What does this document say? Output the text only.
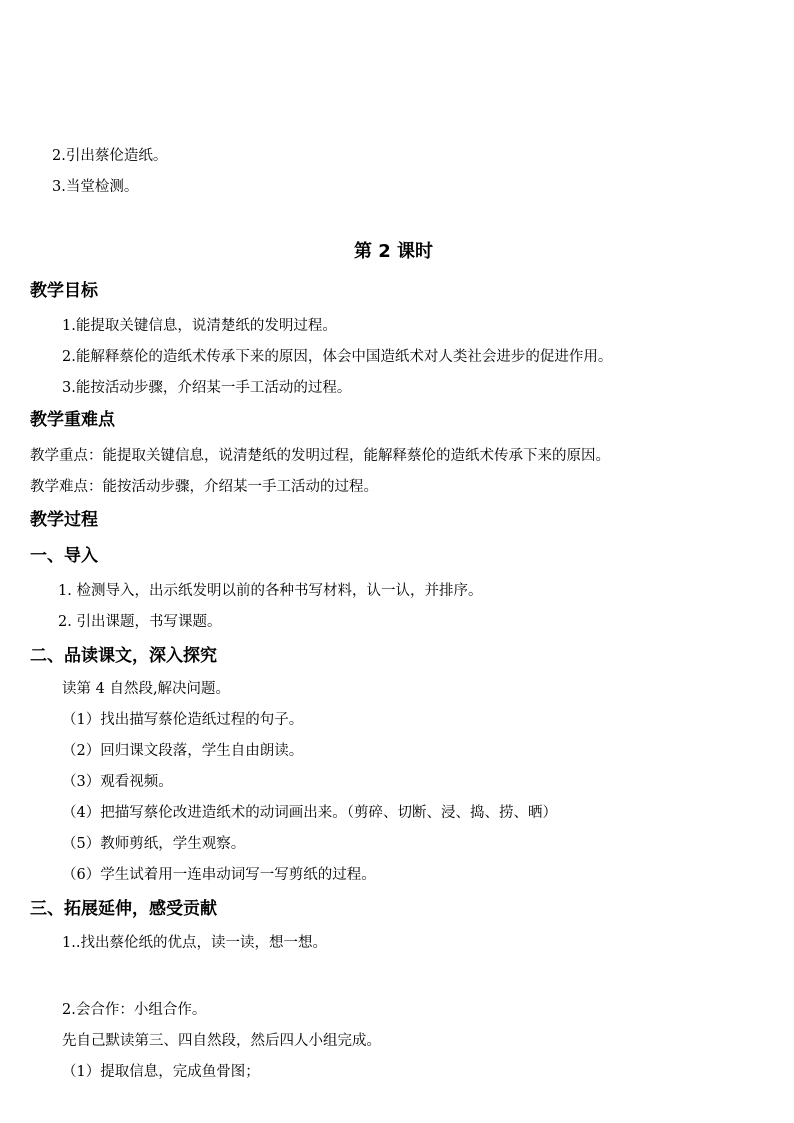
2.引出蔡伦造纸。
3.当堂检测。
第 2 课时
教学目标
1.能提取关键信息，说清楚纸的发明过程。
2.能解释蔡伦的造纸术传承下来的原因，体会中国造纸术对人类社会进步的促进作用。
3.能按活动步骤，介绍某一手工活动的过程。
教学重难点
教学重点：能提取关键信息，说清楚纸的发明过程，能解释蔡伦的造纸术传承下来的原因。
教学难点：能按活动步骤，介绍某一手工活动的过程。
教学过程
一、导入
1. 检测导入，出示纸发明以前的各种书写材料，认一认，并排序。
2. 引出课题，书写课题。
二、品读课文，深入探究
读第 4 自然段,解决问题。
（1）找出描写蔡伦造纸过程的句子。
（2）回归课文段落，学生自由朗读。
（3）观看视频。
（4）把描写蔡伦改进造纸术的动词画出来。（剪碎、切断、浸、捣、捞、晒）
（5）教师剪纸，学生观察。
（6）学生试着用一连串动词写一写剪纸的过程。
三、拓展延伸，感受贡献
1..找出蔡伦纸的优点，读一读，想一想。
2.会合作：小组合作。
先自己默读第三、四自然段，然后四人小组完成。
（1）提取信息，完成鱼骨图；
